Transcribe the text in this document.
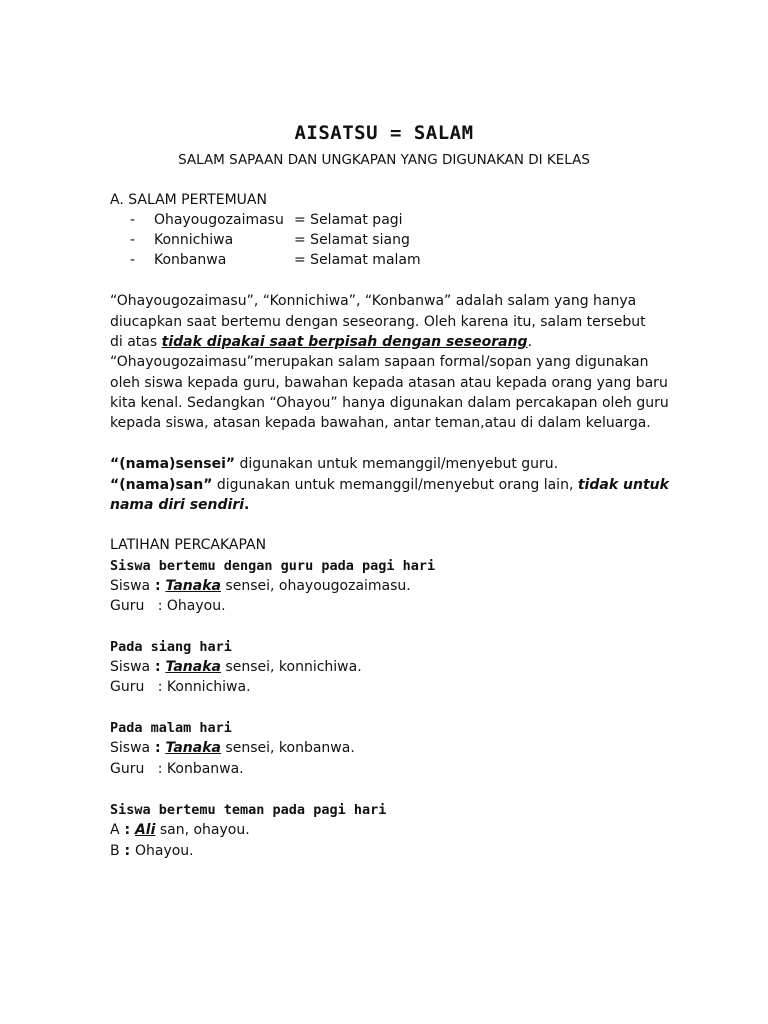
AISATSU = SALAM
SALAM SAPAAN DAN UNGKAPAN YANG DIGUNAKAN DI KELAS
A. SALAM PERTEMUAN
- Ohayougozaimasu = Selamat pagi
- Konnichiwa	= Selamat siang
- Konbanwa	= Selamat malam
“Ohayougozaimasu”, “Konnichiwa”, “Konbanwa” adalah salam yang hanya
diucapkan saat bertemu dengan seseorang. Oleh karena itu, salam tersebut
di atas tidak dipakai saat berpisah dengan seseorang.
“Ohayougozaimasu”merupakan salam sapaan formal/sopan yang digunakan
oleh siswa kepada guru, bawahan kepada atasan atau kepada orang yang baru
kita kenal. Sedangkan “Ohayou” hanya digunakan dalam percakapan oleh guru
kepada siswa, atasan kepada bawahan, antar teman,atau di dalam keluarga.
“(nama)sensei” digunakan untuk memanggil/menyebut guru.
“(nama)san” digunakan untuk memanggil/menyebut orang lain, tidak untuk
nama diri sendiri.
LATIHAN PERCAKAPAN
Siswa bertemu dengan guru pada pagi hari
Siswa : Tanaka sensei, ohayougozaimasu.
Guru   : Ohayou.
Pada siang hari
Siswa : Tanaka sensei, konnichiwa.
Guru   : Konnichiwa.
Pada malam hari
Siswa : Tanaka sensei, konbanwa.
Guru   : Konbanwa.
Siswa bertemu teman pada pagi hari
A : Ali san, ohayou.
B : Ohayou.
